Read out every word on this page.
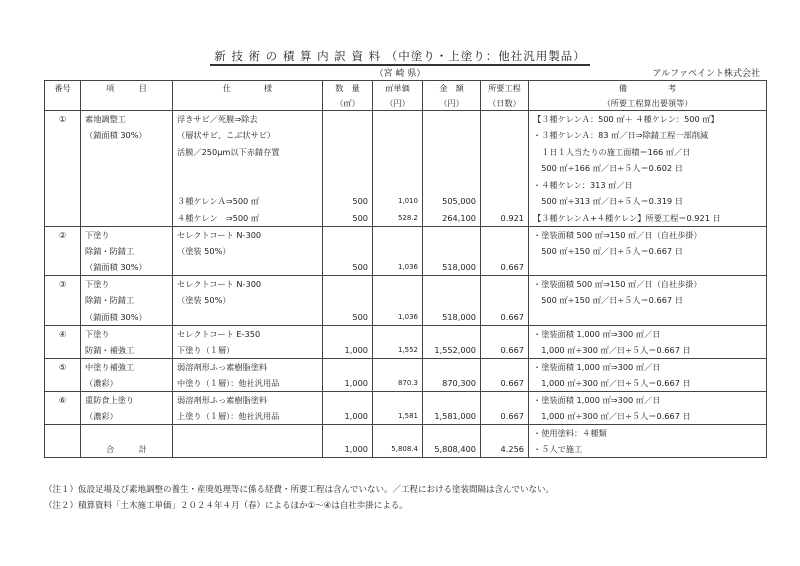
新 技 術 の 積 算 内 訳 資 料 （中塗り・上塗り：他社汎用製品）
（宮 崎 県）	アルファペイント株式会社
番号	項　　　目	仕　　　　様	数　量	㎡単価	金　額	所要工程	備　　　　　考
			（㎡）	（円）	（円）	（日数）	（所要工程算出要領等）
①	素地調整工	浮きサビ／死膜⇒除去					【３種ケレンＡ：500 ㎡＋ ４種ケレン：500 ㎡】
	（錆面積 30%）	（層状サビ、こぶ状サビ）					・３種ケレンＡ：83 ㎡／日⇒除錆工程一部削減
		活膜／250μm以下赤錆存置					　１日１人当たりの施工面積＝166 ㎡／日
							　500 ㎡÷166 ㎡／日÷５人＝0.602 日
							・４種ケレン：313 ㎡／日
		３種ケレンＡ⇒500 ㎡	500	1,010	505,000		　500 ㎡÷313 ㎡／日÷５人＝0.319 日
		４種ケレン　⇒500 ㎡	500	528.2	264,100	0.921	【３種ケレンＡ+４種ケレン】所要工程＝0.921 日
②	下塗り	セレクトコート N-300					・塗装面積 500 ㎡⇒150 ㎡／日（自社歩掛）
	除錆・防錆工	（塗装 50%）					　500 ㎡÷150 ㎡／日÷５人＝0.667 日
	（錆面積 30%）		500	1,036	518,000	0.667	
③	下塗り	セレクトコート N-300					・塗装面積 500 ㎡⇒150 ㎡／日（自社歩掛）
	除錆・防錆工	（塗装 50%）					　500 ㎡÷150 ㎡／日÷５人＝0.667 日
	（錆面積 30%）		500	1,036	518,000	0.667	
④	下塗り	セレクトコート E-350					・塗装面積 1,000 ㎡⇒300 ㎡／日
	防錆・補強工	下塗り（１層）	1,000	1,552	1,552,000	0.667	　1,000 ㎡÷300 ㎡／日÷５人＝0.667 日
⑤	中塗り補強工	弱溶剤形ふっ素樹脂塗料					・塗装面積 1,000 ㎡⇒300 ㎡／日
	（濃彩）	中塗り（１層）：他社汎用品	1,000	870.3	870,300	0.667	　1,000 ㎡÷300 ㎡／日÷５人＝0.667 日
⑥	重防食上塗り	弱溶剤形ふっ素樹脂塗料					・塗装面積 1,000 ㎡⇒300 ㎡／日
	（濃彩）	上塗り（１層）：他社汎用品	1,000	1,581	1,581,000	0.667	　1,000 ㎡÷300 ㎡／日÷５人＝0.667 日
							・使用塗料：４種類
	合　　　計		1,000	5,808.4	5,808,400	4.256	・５人で施工
（注１）仮設足場及び素地調整の養生・産廃処理等に係る経費・所要工程は含んでいない。／工程における塗装間隔は含んでいない。
（注２）積算資料「土木施工単価」２０２４年４月（春）によるほか①～④は自社歩掛による。
